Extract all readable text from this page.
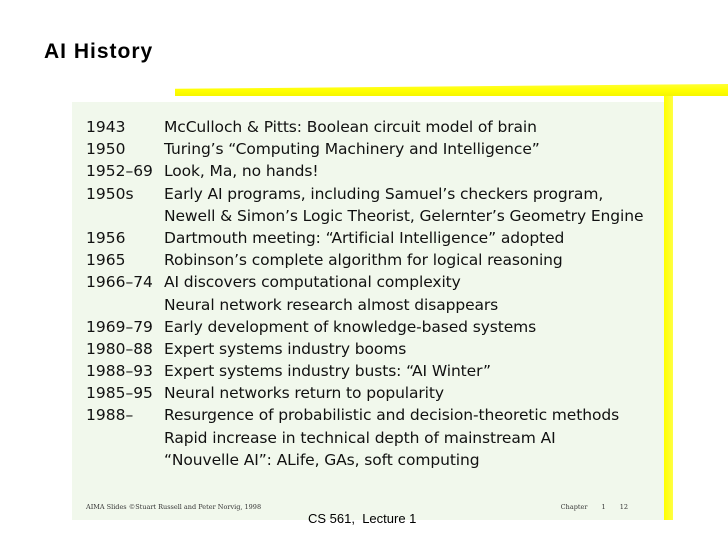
AI History
1943	McCulloch & Pitts: Boolean circuit model of brain
1950	Turing’s “Computing Machinery and Intelligence”
1952–69 Look, Ma, no hands!
1950s	Early AI programs, including Samuel’s checkers program,
Newell & Simon’s Logic Theorist, Gelernter’s Geometry Engine
1956	Dartmouth meeting: “Artificial Intelligence” adopted
1965	Robinson’s complete algorithm for logical reasoning
1966–74 AI discovers computational complexity
Neural network research almost disappears
1969–79 Early development of knowledge-based systems
1980–88 Expert systems industry booms
1988–93 Expert systems industry busts: “AI Winter”
1985–95 Neural networks return to popularity
1988–	Resurgence of probabilistic and decision-theoretic methods
Rapid increase in technical depth of mainstream AI
“Nouvelle AI”: ALife, GAs, soft computing
AIMA Slides ©Stuart Russell and Peter Norvig, 1998	Chapter 1 12
CS 561,  Lecture 1
